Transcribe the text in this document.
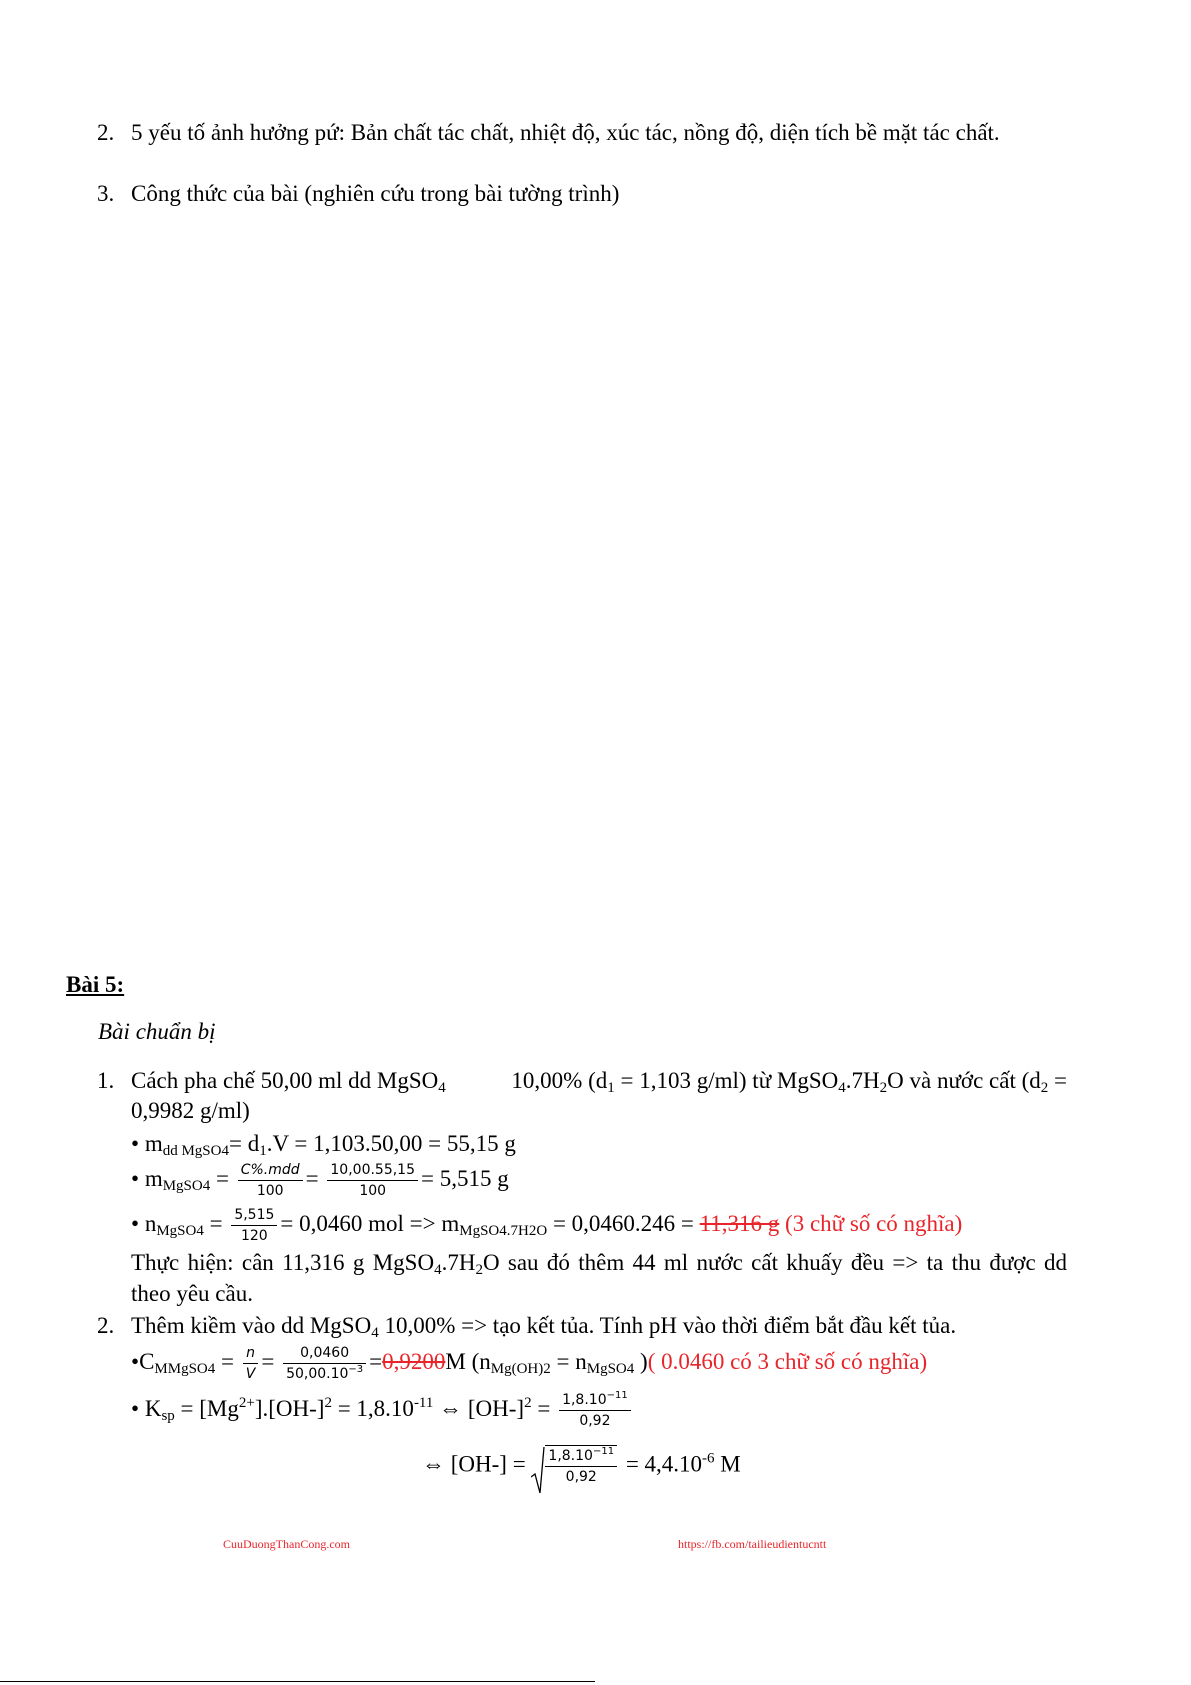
2. 5 yếu tố ảnh hưởng pứ: Bản chất tác chất, nhiệt độ, xúc tác, nồng độ, diện tích bề mặt tác chất.
3. Công thức của bài (nghiên cứu trong bài tường trình)
Bài 5:
Bài chuẩn bị
1. Cách pha chế 50,00 ml dd MgSO$_4$	10,00% ($d_1 = 1,103$ g/ml) từ $MgSO_4.7H_2O$ và nước cất ($d_2$ =
0,9982 g/ml)
• $m_{dd MgSO4}= d_1.V = 1,103.50,00 = 55,15$ g
• $m_{MgSO4} = \frac{\text{C\%.mdd}}{100} = \frac{10,00.55,15}{100} = 5,515$ g
• $n_{MgSO4} = \frac{5,515}{120} = 0,0460$ mol => $m_{MgSO4.7H2O} = 0,0460.246 = 11,316$ g (3 chữ số có nghĩa)
Thực hiện: cân 11,316 g $MgSO_4.7H_2O$ sau đó thêm 44 ml nước cất khuấy đều => ta thu được dd
theo yêu cầu.
2. Thêm kiềm vào dd MgSO$_4$ 10,00% => tạo kết tủa. Tính pH vào thời điểm bắt đầu kết tủa.
$•C_{MMgSO4} = \frac{n}{V} = \frac{0,0460}{50,00.10^{-3}} =0,9200M$ ($n_{Mg(OH)2} = n_{MgSO4}$ )( 0.0460 có 3 chữ số có nghĩa)
• $K_{sp} = [Mg^{2+}].[OH-]^2 = 1,8.10^{-11}$ ⇔ $[OH-]^2 = \frac{1,8.10^{-11}}{0,92}$
⇔ $[OH-] = \frac{1,8.10^{-11}}{0,92} = 4,4.10^{-6}$ M
CuuDuongThanCong.com	https://fb.com/tailieudientucntt
